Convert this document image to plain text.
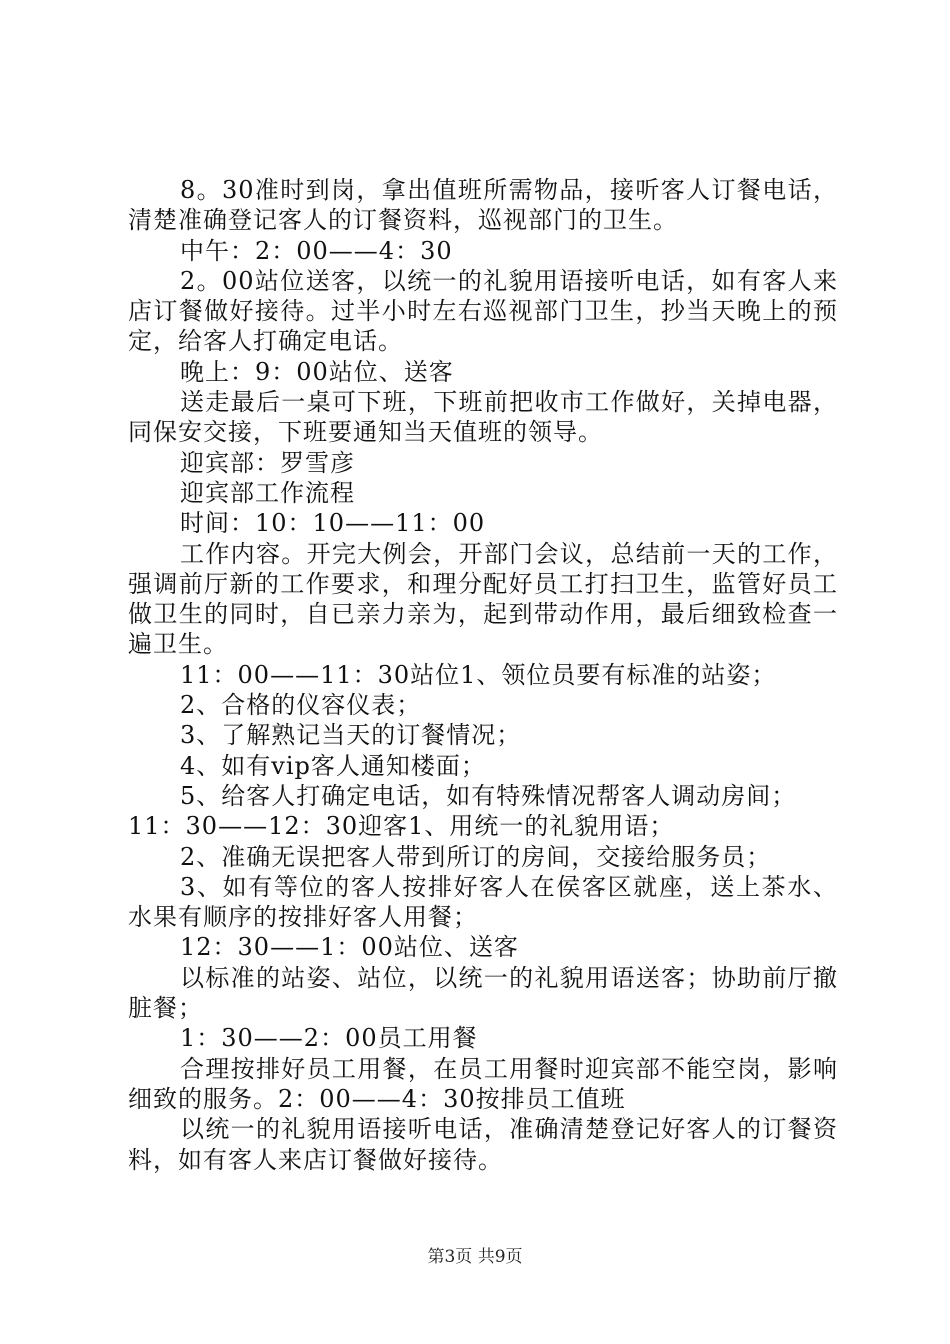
8。30准时到岗，拿出值班所需物品，接听客人订餐电话，清楚准确登记客人的订餐资料，巡视部门的卫生。

中午：2：00——4：30

2。00站位送客，以统一的礼貌用语接听电话，如有客人来店订餐做好接待。过半小时左右巡视部门卫生，抄当天晚上的预定，给客人打确定电话。

晚上：9：00站位、送客

送走最后一桌可下班，下班前把收市工作做好，关掉电器，同保安交接，下班要通知当天值班的领导。

迎宾部：罗雪彦

迎宾部工作流程

时间：10：10——11：00

工作内容。开完大例会，开部门会议，总结前一天的工作，强调前厅新的工作要求，和理分配好员工打扫卫生，监管好员工做卫生的同时，自已亲力亲为，起到带动作用，最后细致检查一遍卫生。

11：00——11：30站位1、领位员要有标准的站姿；

2、合格的仪容仪表；

3、了解熟记当天的订餐情况；

4、如有vip客人通知楼面；

5、给客人打确定电话，如有特殊情况帮客人调动房间；

11：30——12：30迎客1、用统一的礼貌用语；

2、准确无误把客人带到所订的房间，交接给服务员；

3、如有等位的客人按排好客人在侯客区就座，送上茶水、水果有顺序的按排好客人用餐；

12：30——1：00站位、送客

以标准的站姿、站位，以统一的礼貌用语送客；协助前厅撤脏餐；

1：30——2：00员工用餐

合理按排好员工用餐，在员工用餐时迎宾部不能空岗，影响细致的服务。2：00——4：30按排员工值班

以统一的礼貌用语接听电话，准确清楚登记好客人的订餐资料，如有客人来店订餐做好接待。

第3页 共9页
